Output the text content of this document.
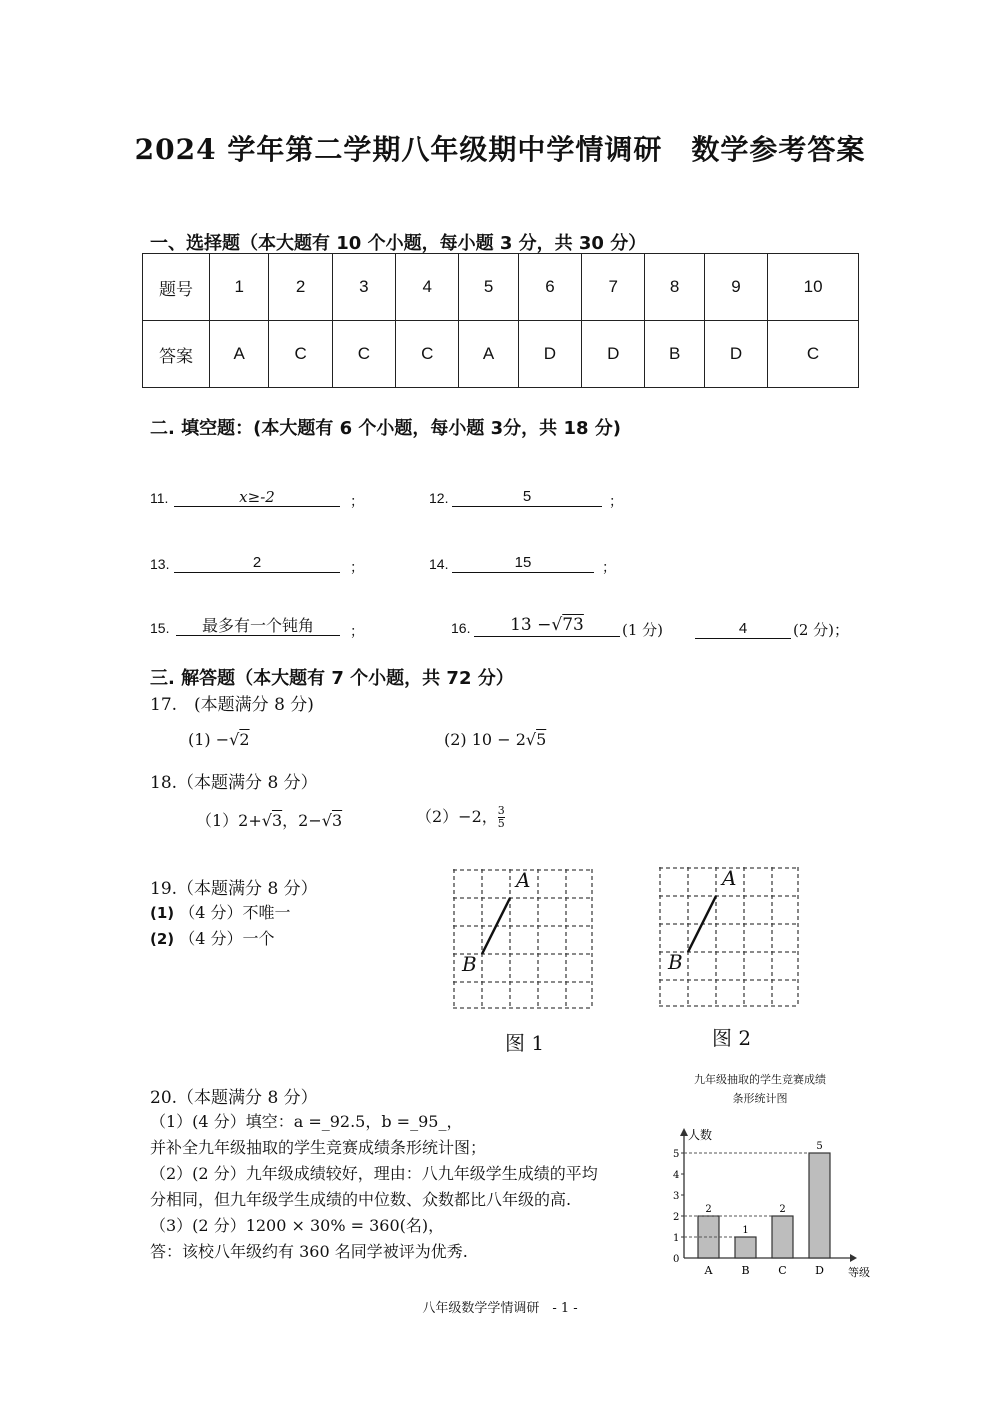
2024 学年第二学期八年级期中学情调研　数学参考答案
一、选择题（本大题有 10 个小题，每小题 3 分，共 30 分）
题号	1	2	3	4	5	6	7	8	9	10
答案	A	C	C	C	A	D	D	B	D	C
二. 填空题：(本大题有 6 个小题，每小题 3分，共 18 分)
11.	x≥-2	；	12.	5	；
13.	2	；	14.	15	；
15.	最多有一个钝角	；	16.	13 −√73	(1 分)	4	(2 分)；
三. 解答题（本大题有 7 个小题，共 72 分）
17.　(本题满分 8 分)
(1) −√2	(2) 10 − 2√5
18.（本题满分 8 分）
（1）2+√3，2−√3	（2）−2， $\frac{3}{5}$
19.（本题满分 8 分）
(1) （4 分）不唯一
(2) （4 分）一个
A
B
图 1
A
B
图 2
20.（本题满分 8 分）
（1）(4 分）填空：a =_92.5，b =_95_，
并补全九年级抽取的学生竞赛成绩条形统计图；
（2）(2 分）九年级成绩较好，理由：八九年级学生成绩的平均
分相同，但九年级学生成绩的中位数、众数都比八年级的高.
（3）(2 分）1200 × 30% = 360(名)，
答：该校八年级约有 360 名同学被评为优秀.
九年级抽取的学生竞赛成绩
条形统计图
人数
等级
0
1
2
3
4
5
2
A
1
B
2
C
5
D
八年级数学学情调研　- 1 -
